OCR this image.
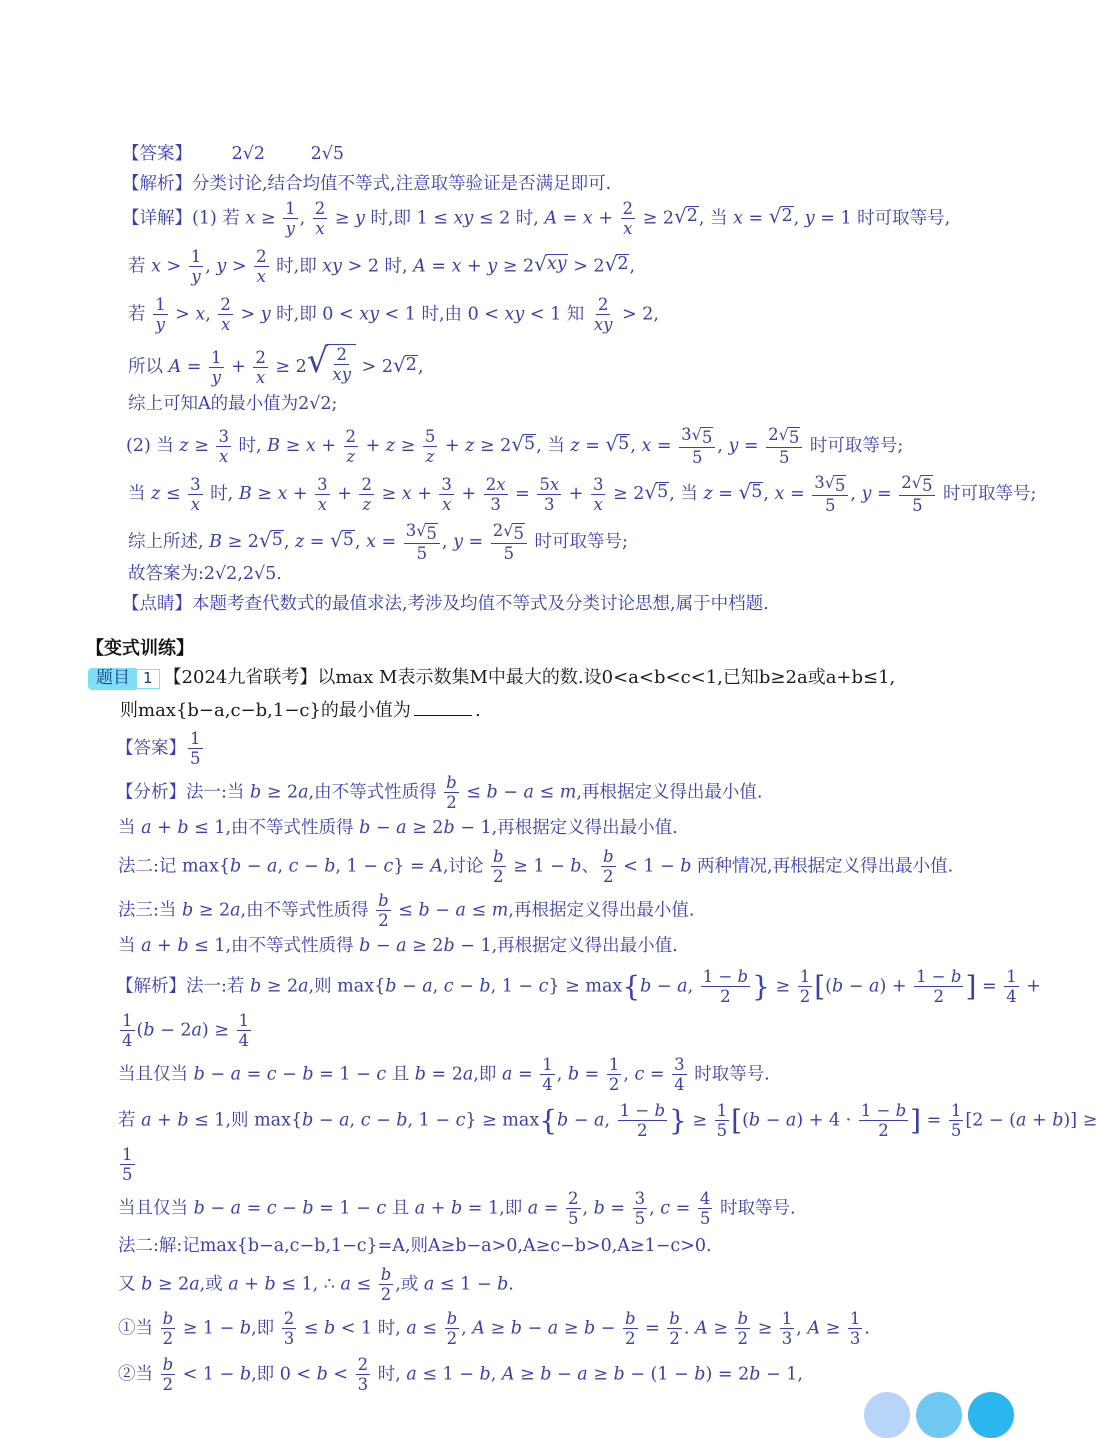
【答案】 2√2	2√5
【解析】分类讨论,结合均值不等式,注意取等验证是否满足即可.
【详解】(1) 若 $x \ge \frac{1}{y}$ , $\frac{2}{x} \ge y$ 时,即 1 ≤ xy ≤ 2 时, $A = x + \frac{2}{x} \ge 2$ √ 2 , 当 x = √ 2 , y = 1 时可取等号,
若 $x > \frac{1}{y}$ , $y > \frac{2}{x}$ 时,即 xy > 2 时, A = x + y ≥ 2 √ xy > 2 √ 2 ,
若 $\frac{1}{y} > x$, $\frac{2}{x} > y$ 时,即 0 < xy < 1 时,由 0 < xy < 1 知 $\frac{2}{xy} > 2$,
所以 $A = \frac{1}{y} + \frac{2}{x} \ge 2$ √ $\frac{2}{xy} > 2$ √ 2 ,
综上可知A的最小值为2√2;
(2) 当 $z \ge \frac{3}{x}$ 时, $B \ge x + \frac{2}{z} + z \ge \frac{5}{z} + z \ge 2$ √ 5 , 当 z = √ 5 , $x = \frac{3 √ 5}{5}$ , $y = \frac{2 √ 5}{5}$ 时可取等号;
当 $z \le \frac{3}{x}$ 时, $B \ge x + \frac{3}{x} + \frac{2}{z} \ge x + \frac{3}{x} + \frac{2x}{3} = \frac{5x}{3} + \frac{3}{x} \ge 2$ √ 5 , 当 z = √ 5 , $x = \frac{3 √ 5}{5}$ , $y = \frac{2 √ 5}{5}$ 时可取等号;
综上所述, B ≥ 2 √ 5 , z = √ 5 , $x = \frac{3 √ 5}{5}$ , $y = \frac{2 √ 5}{5}$ 时可取等号;
故答案为:2√2,2√5.
【点睛】本题考查代数式的最值求法,考涉及均值不等式及分类讨论思想,属于中档题.
【变式训练】
题目 1 【2024九省联考】以max M表示数集M中最大的数.设0<a<b<c<1,已知b≥2a或a+b≤1,
则max{b−a,c−b,1−c}的最小值为	.
【答案】 $\frac{1}{5}$
【分析】法一:当 b ≥ 2a,由不等式性质得 $\frac{b}{2} \le b - a \le m$,再根据定义得出最小值.
当 a + b ≤ 1,由不等式性质得 b − a ≥ 2b − 1,再根据定义得出最小值.
法二:记 max{b − a, c − b, 1 − c} = A,讨论 $\frac{b}{2} \ge 1 - b$、 $\frac{b}{2} < 1 - b$ 两种情况,再根据定义得出最小值.
法三:当 b ≥ 2a,由不等式性质得 $\frac{b}{2} \le b - a \le m$,再根据定义得出最小值.
当 a + b ≤ 1,由不等式性质得 b − a ≥ 2b − 1,再根据定义得出最小值.
【解析】法一:若 b ≥ 2a,则 max{b − a, c − b, 1 − c} ≥ max{b − a, $\frac{1 - b}{2}$ } ≥ $\frac{1}{2} [(b - a) + \frac{1 - b}{2}$ ] = $\frac{1}{4}$ +
$\frac{1}{4} (b - 2a) \ge \frac{1}{4}$
当且仅当 b − a = c − b = 1 − c 且 b = 2a,即 $a = \frac{1}{4}$ , $b = \frac{1}{2}$ , $c = \frac{3}{4}$ 时取等号.
若 a + b ≤ 1,则 max{b − a, c − b, 1 − c} ≥ max{b − a, $\frac{1 - b}{2}$ } ≥ $\frac{1}{5} [(b - a) + 4 \cdot \frac{1 - b}{2}$ ] = $\frac{1}{5} [2 - (a + b)]$ ≥
$\frac{1}{5}$
当且仅当 b − a = c − b = 1 − c 且 a + b = 1,即 $a = \frac{2}{5}$ , $b = \frac{3}{5}$ , $c = \frac{4}{5}$ 时取等号.
法二:解:记max{b−a,c−b,1−c}=A,则A≥b−a>0,A≥c−b>0,A≥1−c>0.
又 b ≥ 2a,或 a + b ≤ 1, ∴ $a \le \frac{b}{2}$ ,或 a ≤ 1 − b.
①当 $\frac{b}{2} \ge 1 - b$,即 $\frac{2}{3} \le b < 1$ 时, $a \le \frac{b}{2}$ , $A \ge b - a \ge b - \frac{b}{2} = \frac{b}{2}$ . $A \ge \frac{b}{2} \ge \frac{1}{3}$ , $A \ge \frac{1}{3}$ .
②当 $\frac{b}{2} < 1 - b$,即 $0 < b < \frac{2}{3}$ 时, a ≤ 1 − b, A ≥ b − a ≥ b − (1 − b) = 2b − 1,
